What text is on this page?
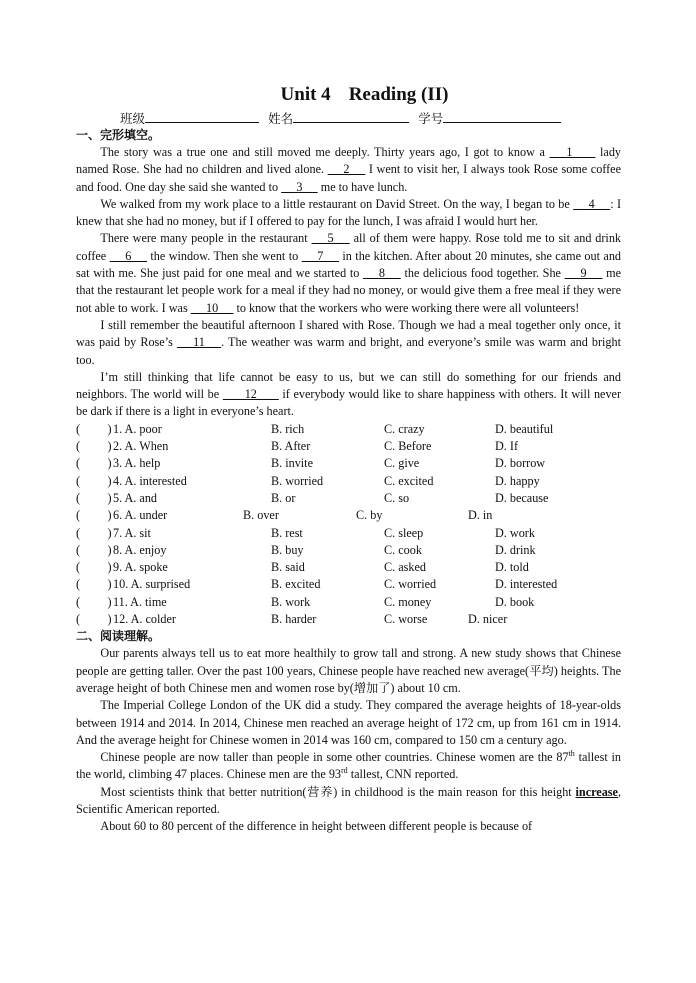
Unit 4 Reading (II)
班级	姓名	学号
一、完形填空。

The story was a true one and still moved me deeply. Thirty years ago, I got to know a  __1___  lady named Rose. She had no children and lived alone.  __2__  I went to visit her, I always took Rose some coffee and food. One day she said she wanted to  __3__  me to have lunch.

We walked from my work place to a little restaurant on David Street. On the way, I began to be  __4__ : I knew that she had no money, but if I offered to pay for the lunch, I was afraid I would hurt her.

There were many people in the restaurant  __5__  all of them were happy. Rose told me to sit and drink coffee  __6__  the window. Then she went to  __7__  in the kitchen. After about 20 minutes, she came out and sat with me. She just paid for one meal and we started to  __8__  the delicious food together. She  __9__  me that the restaurant let people work for a meal if they had no money, or would give them a free meal if they were not able to work. I was  __10__  to know that the workers who were working there were all volunteers!

I still remember the beautiful afternoon I shared with Rose. Though we had a meal together only once, it was paid by Rose’s  __11__ . The weather was warm and bright, and everyone’s smile was warm and bright too.

I’m still thinking that life cannot be easy to us, but we can still do something for our friends and neighbors. The world will be  ___12___  if everybody would like to share happiness with others. It will never be dark if there is a light in everyone’s heart.

(         ) 1. A. poor	B. rich	C. crazy	D. beautiful
(         ) 2. A. When	B. After	C. Before	D. If
(         ) 3. A. help	B. invite	C. give	D. borrow
(         ) 4. A. interested	B. worried	C. excited	D. happy
(         ) 5. A. and	B. or	C. so	D. because
(         ) 6. A. under	B. over	C. by	D. in
(         ) 7. A. sit	B. rest	C. sleep	D. work
(         ) 8. A. enjoy	B. buy	C. cook	D. drink
(         ) 9. A. spoke	B. said	C. asked	D. told
(         ) 10. A. surprised	B. excited	C. worried	D. interested
(         ) 11. A. time	B. work	C. money	D. book
(         ) 12. A. colder	B. harder	C. worse	D. nicer
二、阅读理解。

Our parents always tell us to eat more healthily to grow tall and strong. A new study shows that Chinese people are getting taller. Over the past 100 years, Chinese people have reached new average(平均) heights. The average height of both Chinese men and women rose by(增加了) about 10 cm.

The Imperial College London of the UK did a study. They compared the average heights of 18-year-olds between 1914 and 2014. In 2014, Chinese men reached an average height of 172 cm, up from 161 cm in 1914. And the average height for Chinese women in 2014 was 160 cm, compared to 150 cm a century ago.

Chinese people are now taller than people in some other countries. Chinese women are the 87th tallest in the world, climbing 47 places. Chinese men are the 93rd tallest, CNN reported.

Most scientists think that better nutrition(营养) in childhood is the main reason for this height increase, Scientific American reported.

About 60 to 80 percent of the difference in height between different people is because of
